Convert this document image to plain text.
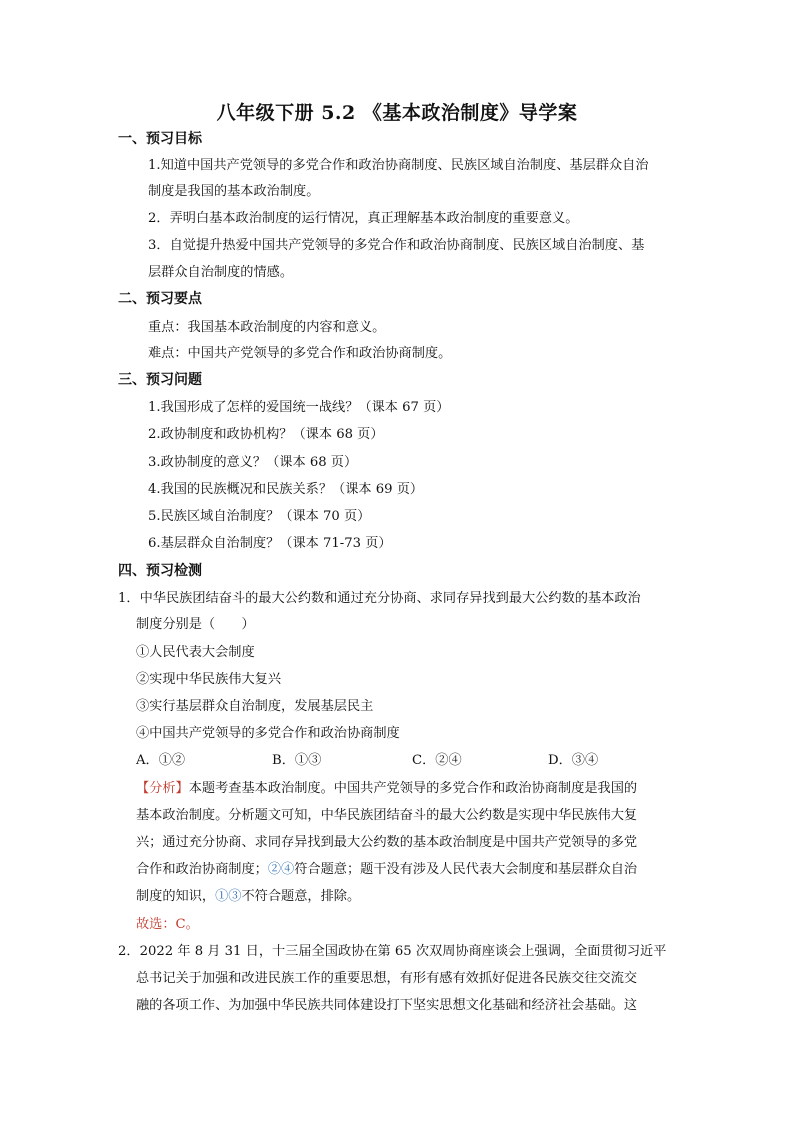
八年级下册 5.2 《基本政治制度》导学案
一、预习目标
1.知道中国共产党领导的多党合作和政治协商制度、民族区域自治制度、基层群众自治
制度是我国的基本政治制度。
2．弄明白基本政治制度的运行情况，真正理解基本政治制度的重要意义。
3．自觉提升热爱中国共产党领导的多党合作和政治协商制度、民族区域自治制度、基
层群众自治制度的情感。
二、预习要点
重点：我国基本政治制度的内容和意义。
难点：中国共产党领导的多党合作和政治协商制度。
三、预习问题
1.我国形成了怎样的爱国统一战线？（课本 67 页）
2.政协制度和政协机构？（课本 68 页）
3.政协制度的意义？（课本 68 页）
4.我国的民族概况和民族关系？（课本 69 页）
5.民族区域自治制度？（课本 70 页）
6.基层群众自治制度？（课本 71-73 页）
四、预习检测
1．中华民族团结奋斗的最大公约数和通过充分协商、求同存异找到最大公约数的基本政治
制度分别是（　　）
①人民代表大会制度
②实现中华民族伟大复兴
③实行基层群众自治制度，发展基层民主
④中国共产党领导的多党合作和政治协商制度
A．①②	B．①③	C．②④	D．③④
【分析】本题考查基本政治制度。中国共产党领导的多党合作和政治协商制度是我国的
基本政治制度。分析题文可知，中华民族团结奋斗的最大公约数是实现中华民族伟大复
兴；通过充分协商、求同存异找到最大公约数的基本政治制度是中国共产党领导的多党
合作和政治协商制度；②④符合题意；题干没有涉及人民代表大会制度和基层群众自治
制度的知识，①③不符合题意，排除。
故选：C。
2．2022 年 8 月 31 日，十三届全国政协在第 65 次双周协商座谈会上强调，全面贯彻习近平
总书记关于加强和改进民族工作的重要思想，有形有感有效抓好促进各民族交往交流交
融的各项工作、为加强中华民族共同体建设打下坚实思想文化基础和经济社会基础。这
